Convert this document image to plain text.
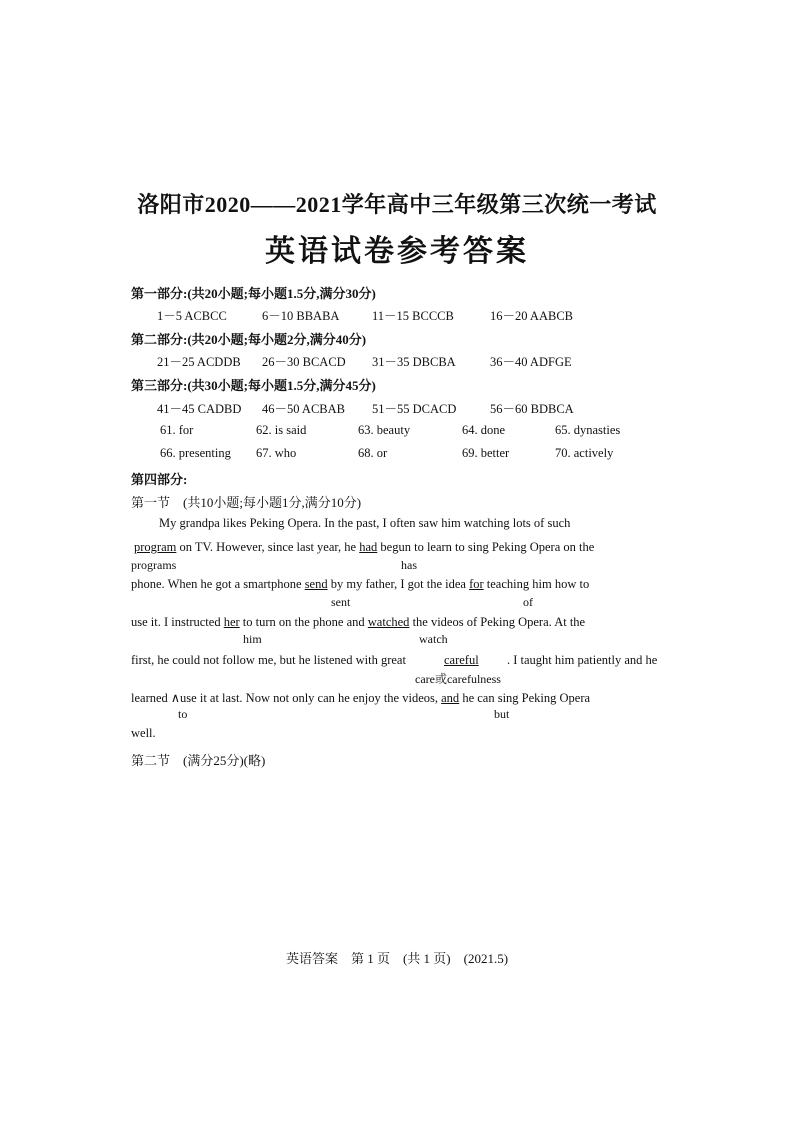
洛阳市2020——2021学年高中三年级第三次统一考试
英语试卷参考答案
第一部分:(共20小题;每小题1.5分,满分30分)
1－5 ACBCC	6－10 BBABA	11－15 BCCCB	16－20 AABCB
第二部分:(共20小题;每小题2分,满分40分)
21－25 ACDDB 26－30 BCACD 31－35 DBCBA	36－40 ADFGE
第三部分:(共30小题;每小题1.5分,满分45分)
41－45 CADBD 46－50 ACBAB 51－55 DCACD	56－60 BDBCA
61. for	62. is said	63. beauty	64. done	65. dynasties
66. presenting 67. who	68. or	69. better	70. actively
第四部分:
第一节　(共10小题;每小题1分,满分10分)
My grandpa likes Peking Opera. In the past, I often saw him watching lots of such
program on TV. However, since last year, he had begun to learn to sing Peking Opera on the
programs	has
phone. When he got a smartphone send by my father, I got the idea for teaching him how to
sent	of
use it. I instructed her to turn on the phone and watched the videos of Peking Opera. At the
him	watch
first, he could not follow me, but he listened with great	careful . I taught him patiently and he
care或carefulness
learned ∧use it at last. Now not only can he enjoy the videos, and he can sing Peking Opera
to	but
well.
第二节　(满分25分)(略)
英语答案　第 1 页　(共 1 页)　(2021.5)
